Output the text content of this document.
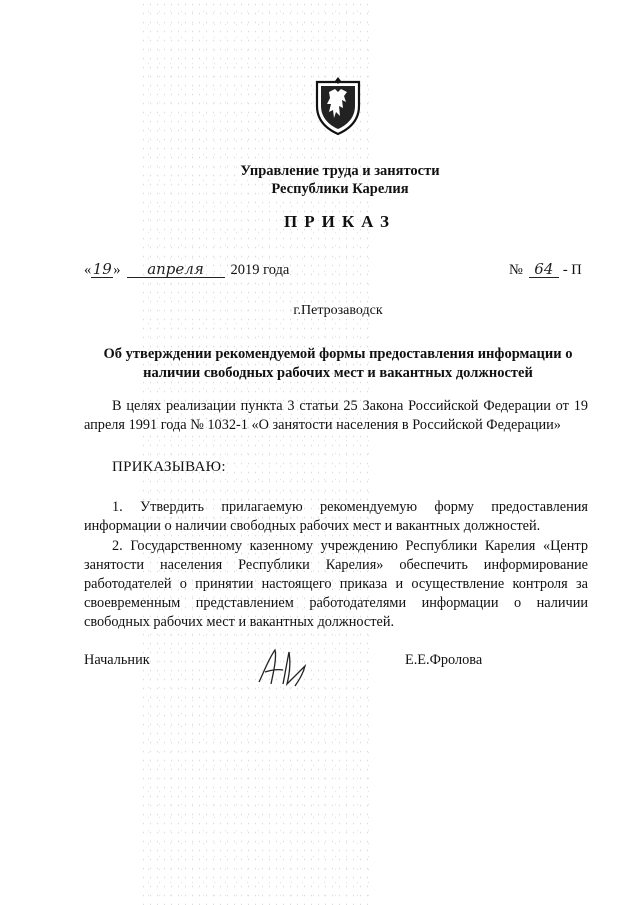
Управление труда и занятости
Республики Карелия
ПРИКАЗ
«19» апреля 2019 года	№ 64 - П
г.Петрозаводск
Об утверждении рекомендуемой формы предоставления информации о наличии свободных рабочих мест и вакантных должностей
В целях реализации пункта 3 статьи 25 Закона Российской Федерации от 19 апреля 1991 года № 1032-1 «О занятости населения в Российской Федерации»
ПРИКАЗЫВАЮ:
1. Утвердить прилагаемую рекомендуемую форму предоставления информации о наличии свободных рабочих мест и вакантных должностей.
2. Государственному казенному учреждению Республики Карелия «Центр занятости населения Республики Карелия» обеспечить информирование работодателей о принятии настоящего приказа и осуществление контроля за своевременным представлением работодателями информации о наличии свободных рабочих мест и вакантных должностей.
Начальник	Е.Е.Фролова
